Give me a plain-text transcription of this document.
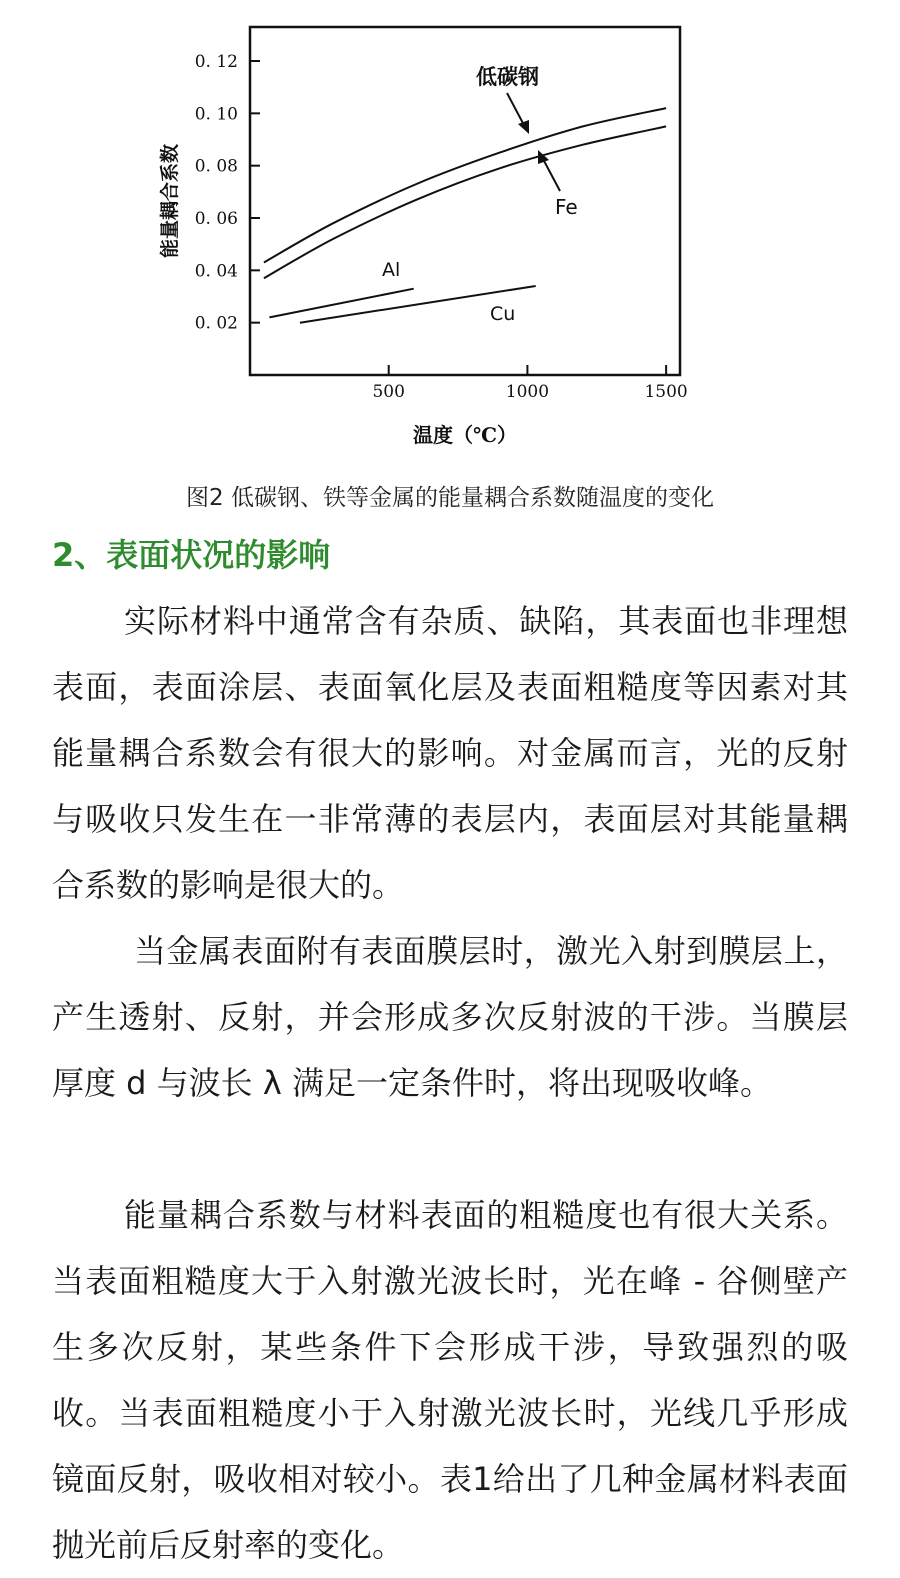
0. 02
0. 04
0. 06
0. 08
0. 10
0. 12
500	1000	1500
低碳钢
Fe
Al
Cu
能量耦合系数
温度（℃）
图2 低碳钢、铁等金属的能量耦合系数随温度的变化
2、表面状况的影响

实际材料中通常含有杂质、缺陷，其表面也非理想表面，表面涂层、表面氧化层及表面粗糙度等因素对其能量耦合系数会有很大的影响。对金属而言，光的反射与吸收只发生在一非常薄的表层内，表面层对其能量耦合系数的影响是很大的。

当金属表面附有表面膜层时，激光入射到膜层上，产生透射、反射，并会形成多次反射波的干涉。当膜层厚度 d 与波长 λ 满足一定条件时，将出现吸收峰。

能量耦合系数与材料表面的粗糙度也有很大关系。当表面粗糙度大于入射激光波长时，光在峰 - 谷侧壁产生多次反射，某些条件下会形成干涉，导致强烈的吸收。当表面粗糙度小于入射激光波长时，光线几乎形成镜面反射，吸收相对较小。表1给出了几种金属材料表面抛光前后反射率的变化。
